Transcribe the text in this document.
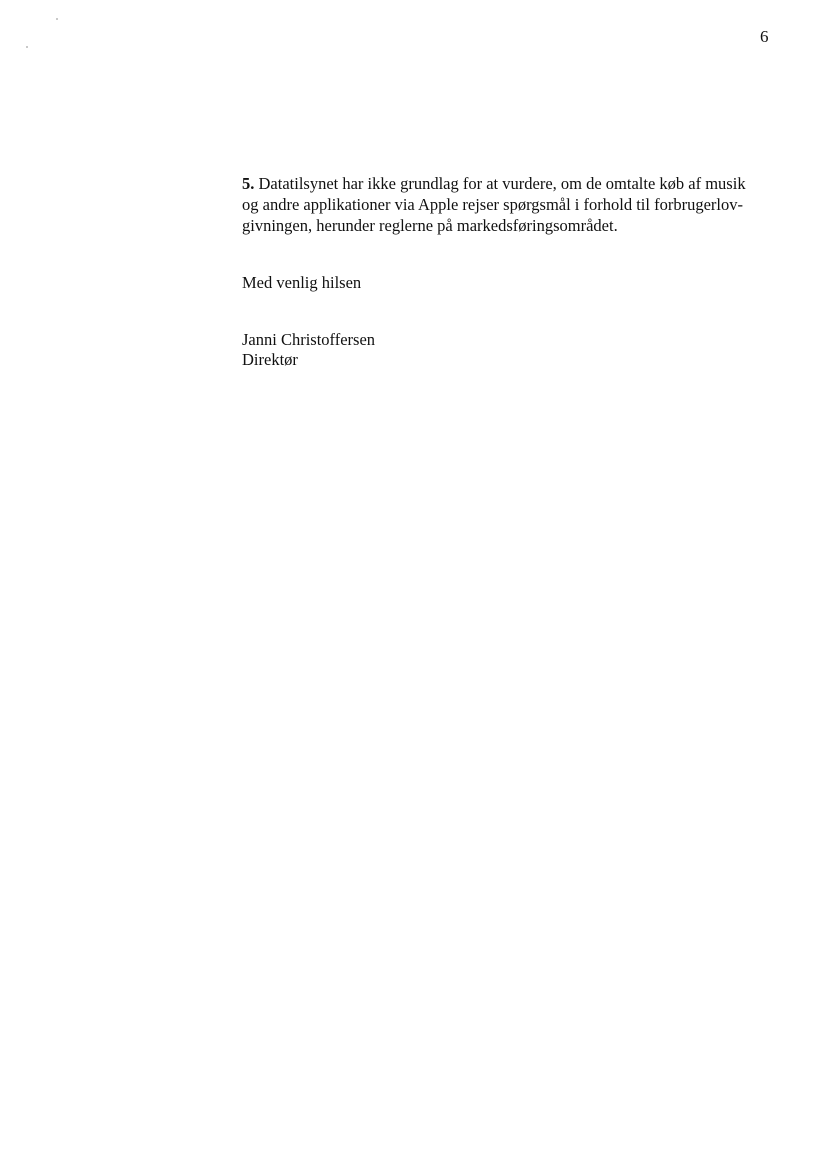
6
5. Datatilsynet har ikke grundlag for at vurdere, om de omtalte køb af musik
og andre applikationer via Apple rejser spørgsmål i forhold til forbrugerlov-
givningen, herunder reglerne på markedsføringsområdet.
Med venlig hilsen
Janni Christoffersen
Direktør
